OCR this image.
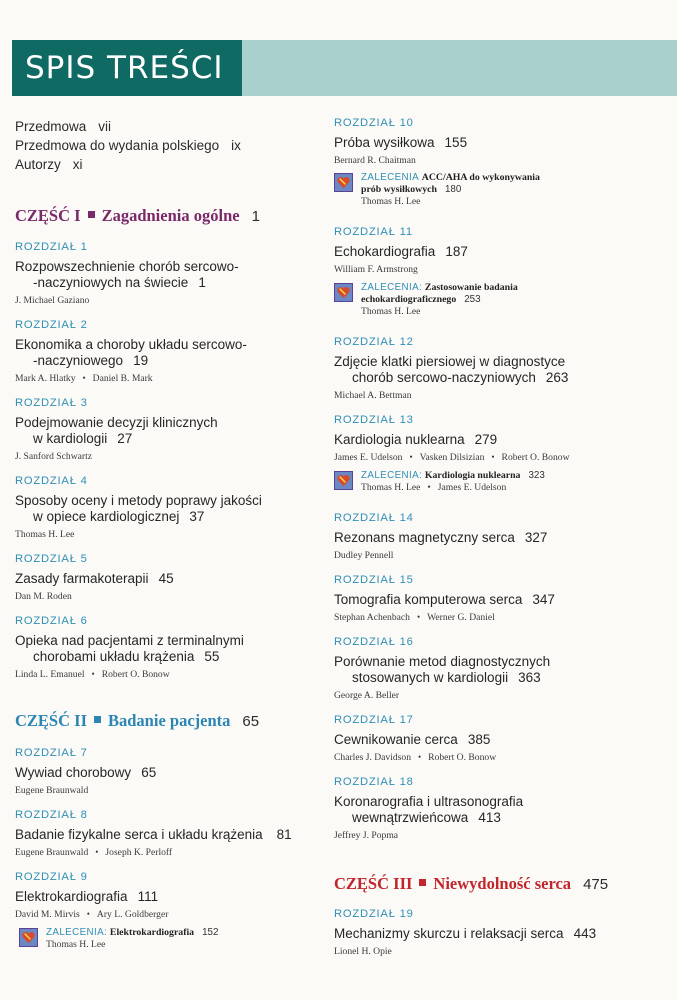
SPIS TREŚCI
Przedmowa vii
Przedmowa do wydania polskiego ix
Autorzy xi
CZĘŚĆ I Zagadnienia ogólne 1
ROZDZIAŁ 1
Rozpowszechnienie chorób sercowo-
-naczyniowych na świecie 1
J. Michael Gaziano
ROZDZIAŁ 2
Ekonomika a choroby układu sercowo-
-naczyniowego 19
Mark A. Hlatky • Daniel B. Mark
ROZDZIAŁ 3
Podejmowanie decyzji klinicznych
w kardiologii 27
J. Sanford Schwartz
ROZDZIAŁ 4
Sposoby oceny i metody poprawy jakości
w opiece kardiologicznej 37
Thomas H. Lee
ROZDZIAŁ 5
Zasady farmakoterapii 45
Dan M. Roden
ROZDZIAŁ 6
Opieka nad pacjentami z terminalnymi
chorobami układu krążenia 55
Linda L. Emanuel • Robert O. Bonow
CZĘŚĆ II Badanie pacjenta 65
ROZDZIAŁ 7
Wywiad chorobowy 65
Eugene Braunwald
ROZDZIAŁ 8
Badanie fizykalne serca i układu krążenia 81
Eugene Braunwald • Joseph K. Perloff
ROZDZIAŁ 9
Elektrokardiografia 111
David M. Mirvis • Ary L. Goldberger
ZALECENIA: Elektrokardiografia 152
Thomas H. Lee
ROZDZIAŁ 10
Próba wysiłkowa 155
Bernard R. Chaitman
ZALECENIA ACC/AHA do wykonywania
prób wysiłkowych 180
Thomas H. Lee
ROZDZIAŁ 11
Echokardiografia 187
William F. Armstrong
ZALECENIA: Zastosowanie badania
echokardiograficznego 253
Thomas H. Lee
ROZDZIAŁ 12
Zdjęcie klatki piersiowej w diagnostyce
chorób sercowo-naczyniowych 263
Michael A. Bettman
ROZDZIAŁ 13
Kardiologia nuklearna 279
James E. Udelson • Vasken Dilsizian • Robert O. Bonow
ZALECENIA: Kardiologia nuklearna 323
Thomas H. Lee • James E. Udelson
ROZDZIAŁ 14
Rezonans magnetyczny serca 327
Dudley Pennell
ROZDZIAŁ 15
Tomografia komputerowa serca 347
Stephan Achenbach • Werner G. Daniel
ROZDZIAŁ 16
Porównanie metod diagnostycznych
stosowanych w kardiologii 363
George A. Beller
ROZDZIAŁ 17
Cewnikowanie cerca 385
Charles J. Davidson • Robert O. Bonow
ROZDZIAŁ 18
Koronarografia i ultrasonografia
wewnątrzwieńcowa 413
Jeffrey J. Popma
CZĘŚĆ III Niewydolność serca 475
ROZDZIAŁ 19
Mechanizmy skurczu i relaksacji serca 443
Lionel H. Opie
